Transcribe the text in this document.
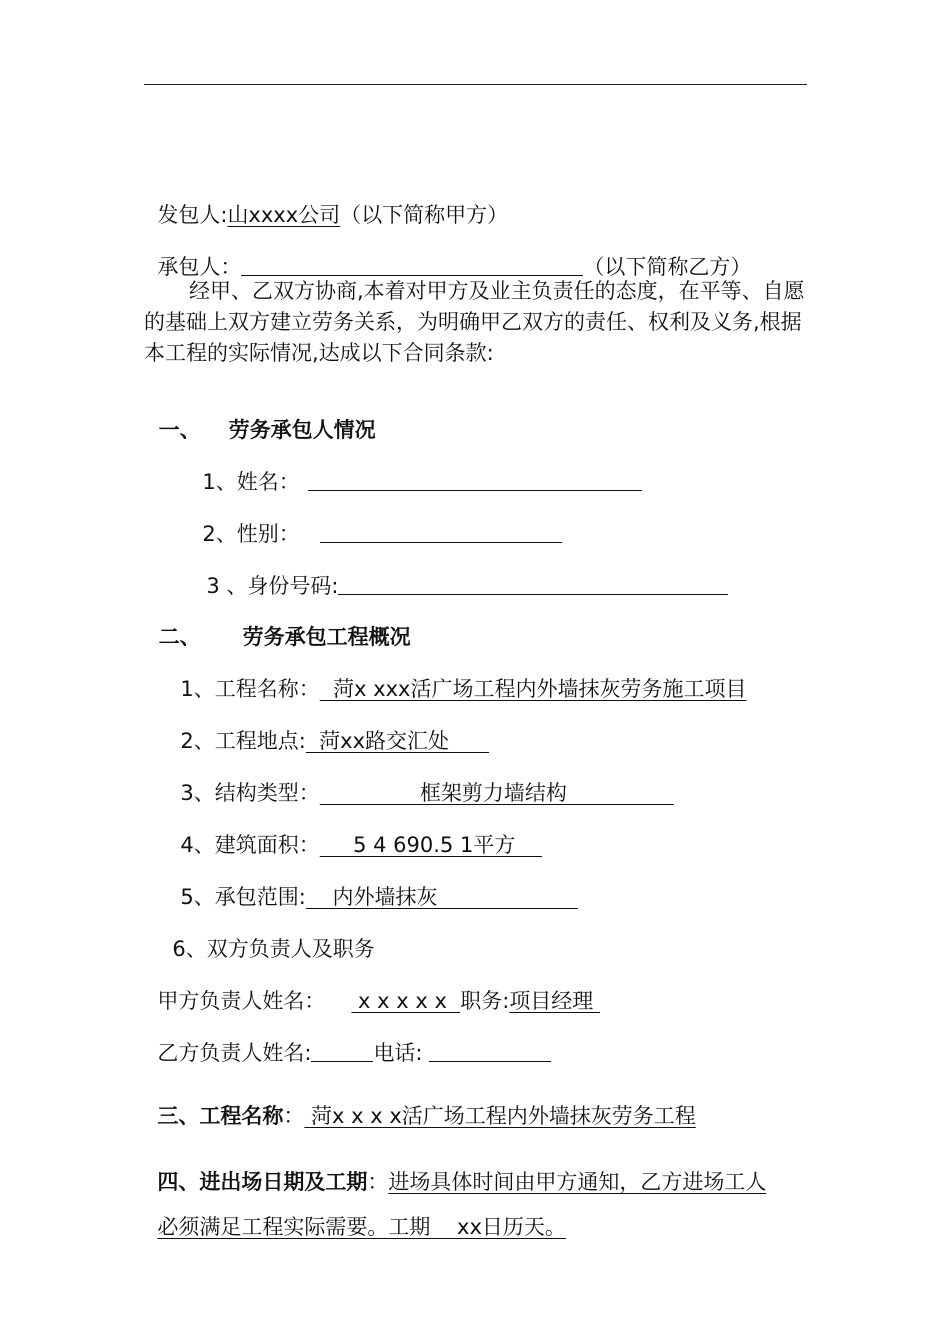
发包人:山xxxx公司（以下简称甲方）

承包人：	（以下简称乙方）

经甲、乙双方协商,本着对甲方及业主负责任的态度，在平等、自愿的基础上双方建立劳务关系，为明确甲乙双方的责任、权利及义务,根据本工程的实际情况,达成以下合同条款:

一、 劳务承包人情况

1、姓名：

2、性别：

3 、身份号码:

二、 劳务承包工程概况

1、工程名称：  菏x xxx活广场工程内外墙抹灰劳务施工项目

2、工程地点:  菏xx路交汇处

3、结构类型：               框架剪力墙结构

4、建筑面积：     5 4 690.5 1平方

5、承包范围:    内外墙抹灰

6、双方负责人及职务

甲方负责人姓名： x x x x x  职务:项目经理

乙方负责人姓名:	电话:

三、工程名称： 菏x x x x活广场工程内外墙抹灰劳务工程

四、进出场日期及工期：进场具体时间由甲方通知，乙方进场工人

必须满足工程实际需要。工期    xx日历天。
